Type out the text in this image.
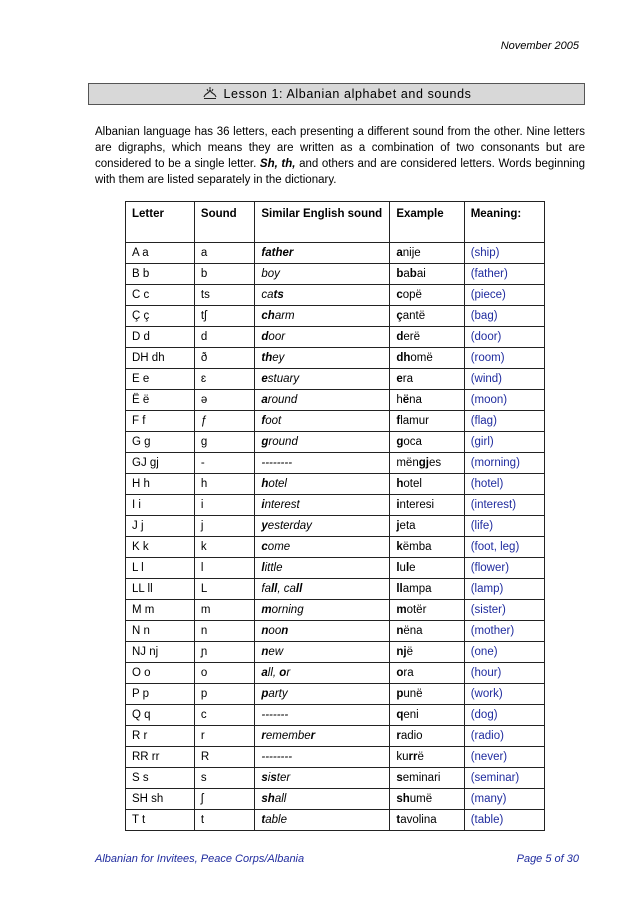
November 2005
Lesson 1: Albanian alphabet and sounds
Albanian language has 36 letters, each presenting a different sound from the other. Nine letters are digraphs, which means they are written as a combination of two consonants but are considered to be a single letter. Sh, th, and others and are considered letters. Words beginning with them are listed separately in the dictionary.
Letter	Sound	Similar English sound	Example	Meaning:
A a	a	father	anije	(ship)
B b	b	boy	babai	(father)
C c	ts	cats	copë	(piece)
Ç ç	tʃ	charm	çantë	(bag)
D d	d	door	derë	(door)
DH dh	ð	they	dhomë	(room)
E e	ɛ	estuary	era	(wind)
Ë ë	ə	around	hëna	(moon)
F f	ƒ	foot	flamur	(flag)
G g	g	ground	goca	(girl)
GJ gj	-	--------	mëngjes	(morning)
H h	h	hotel	hotel	(hotel)
I i	i	interest	interesi	(interest)
J j	j	yesterday	jeta	(life)
K k	k	come	këmba	(foot, leg)
L l	l	little	lule	(flower)
LL ll	L	fall, call	llampa	(lamp)
M m	m	morning	motër	(sister)
N n	n	noon	nëna	(mother)
NJ nj	ɲ	new	një	(one)
O o	o	all, or	ora	(hour)
P p	p	party	punë	(work)
Q q	c	-------	qeni	(dog)
R r	r	remember	radio	(radio)
RR rr	R	--------	kurrë	(never)
S s	s	sister	seminari	(seminar)
SH sh	ʃ	shall	shumë	(many)
T t	t	table	tavolina	(table)
Albanian for Invitees, Peace Corps/Albania	Page 5 of 30
